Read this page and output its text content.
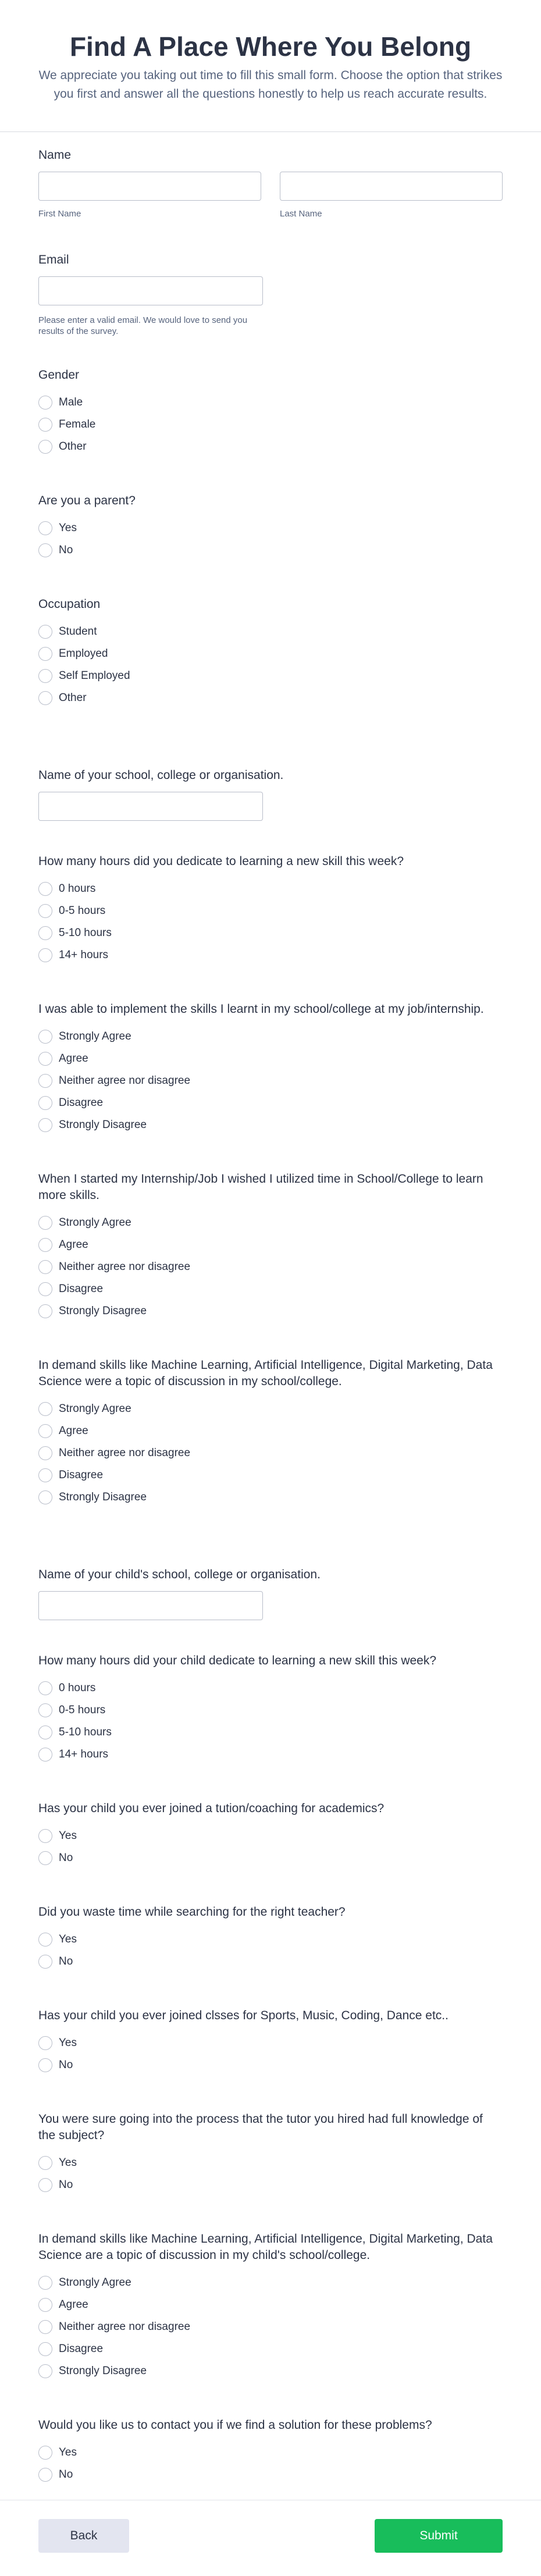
Find A Place Where You Belong

We appreciate you taking out time to fill this small form. Choose the option that strikes you first and answer all the questions honestly to help us reach accurate results.

Name
First Name	Last Name
Email
Please enter a valid email. We would love to send you results of the survey.
Gender
Male
Female
Other
Are you a parent?
Yes
No
Occupation
Student
Employed
Self Employed
Other
Name of your school, college or organisation.
How many hours did you dedicate to learning a new skill this week?
0 hours
0-5 hours
5-10 hours
14+ hours
I was able to implement the skills I learnt in my school/college at my job/internship.
Strongly Agree
Agree
Neither agree nor disagree
Disagree
Strongly Disagree
When I started my Internship/Job I wished I utilized time in School/College to learn more skills.
Strongly Agree
Agree
Neither agree nor disagree
Disagree
Strongly Disagree
In demand skills like Machine Learning, Artificial Intelligence, Digital Marketing, Data Science were a topic of discussion in my school/college.
Strongly Agree
Agree
Neither agree nor disagree
Disagree
Strongly Disagree
Name of your child's school, college or organisation.
How many hours did your child dedicate to learning a new skill this week?
0 hours
0-5 hours
5-10 hours
14+ hours
Has your child you ever joined a tution/coaching for academics?
Yes
No
Did you waste time while searching for the right teacher?
Yes
No
Has your child you ever joined clsses for Sports, Music, Coding, Dance etc..
Yes
No
You were sure going into the process that the tutor you hired had full knowledge of the subject?
Yes
No
In demand skills like Machine Learning, Artificial Intelligence, Digital Marketing, Data Science are a topic of discussion in my child's school/college.
Strongly Agree
Agree
Neither agree nor disagree
Disagree
Strongly Disagree
Would you like us to contact you if we find a solution for these problems?
Yes
No
Back	Submit
